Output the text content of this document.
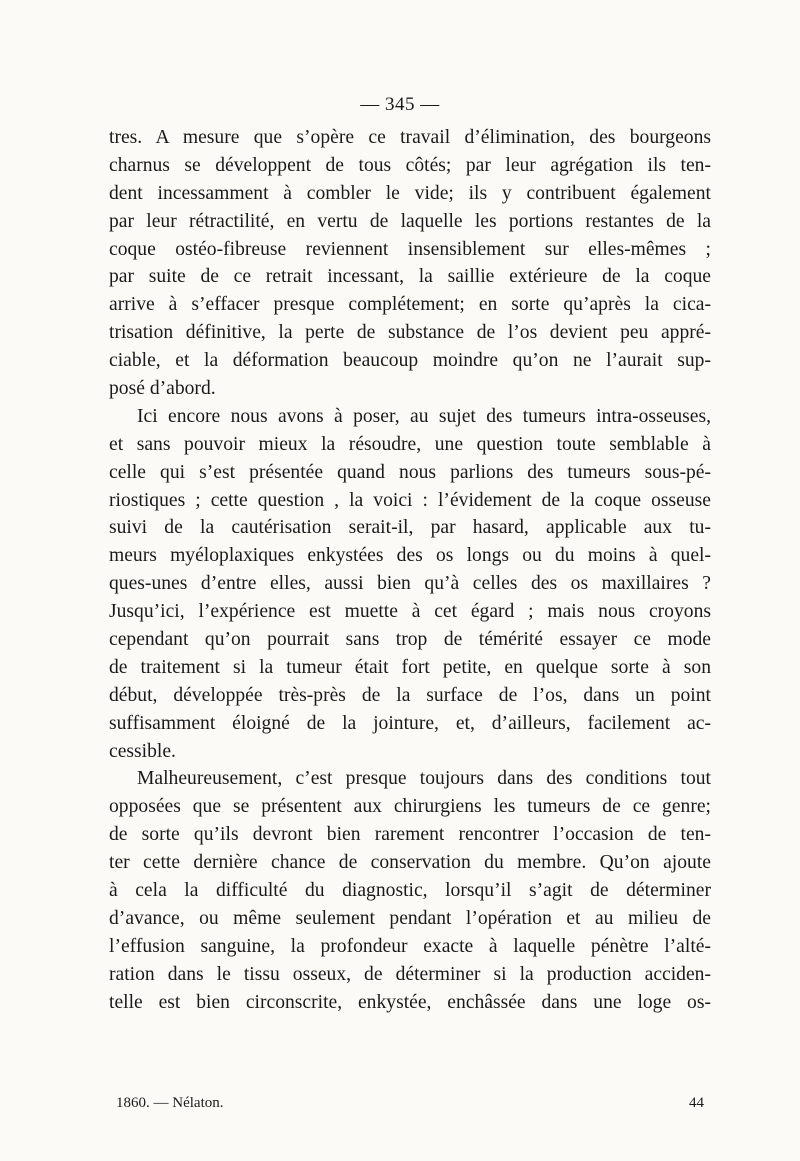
— 345 —
tres. A mesure que s’opère ce travail d’élimination, des bourgeons
charnus se développent de tous côtés; par leur agrégation ils ten-
dent incessamment à combler le vide; ils y contribuent également
par leur rétractilité, en vertu de laquelle les portions restantes de la
coque ostéo-fibreuse reviennent insensiblement sur elles-mêmes ;
par suite de ce retrait incessant, la saillie extérieure de la coque
arrive à s’effacer presque complétement; en sorte qu’après la cica-
trisation définitive, la perte de substance de l’os devient peu appré-
ciable, et la déformation beaucoup moindre qu’on ne l’aurait sup-
posé d’abord.
Ici encore nous avons à poser, au sujet des tumeurs intra-osseuses,
et sans pouvoir mieux la résoudre, une question toute semblable à
celle qui s’est présentée quand nous parlions des tumeurs sous-pé-
riostiques ; cette question , la voici : l’évidement de la coque osseuse
suivi de la cautérisation serait-il, par hasard, applicable aux tu-
meurs myéloplaxiques enkystées des os longs ou du moins à quel-
ques-unes d’entre elles, aussi bien qu’à celles des os maxillaires ?
Jusqu’ici, l’expérience est muette à cet égard ; mais nous croyons
cependant qu’on pourrait sans trop de témérité essayer ce mode
de traitement si la tumeur était fort petite, en quelque sorte à son
début, développée très-près de la surface de l’os, dans un point
suffisamment éloigné de la jointure, et, d’ailleurs, facilement ac-
cessible.
Malheureusement, c’est presque toujours dans des conditions tout
opposées que se présentent aux chirurgiens les tumeurs de ce genre;
de sorte qu’ils devront bien rarement rencontrer l’occasion de ten-
ter cette dernière chance de conservation du membre. Qu’on ajoute
à cela la difficulté du diagnostic, lorsqu’il s’agit de déterminer
d’avance, ou même seulement pendant l’opération et au milieu de
l’effusion sanguine, la profondeur exacte à laquelle pénètre l’alté-
ration dans le tissu osseux, de déterminer si la production acciden-
telle est bien circonscrite, enkystée, enchâssée dans une loge os-
1860. — Nélaton.	44
